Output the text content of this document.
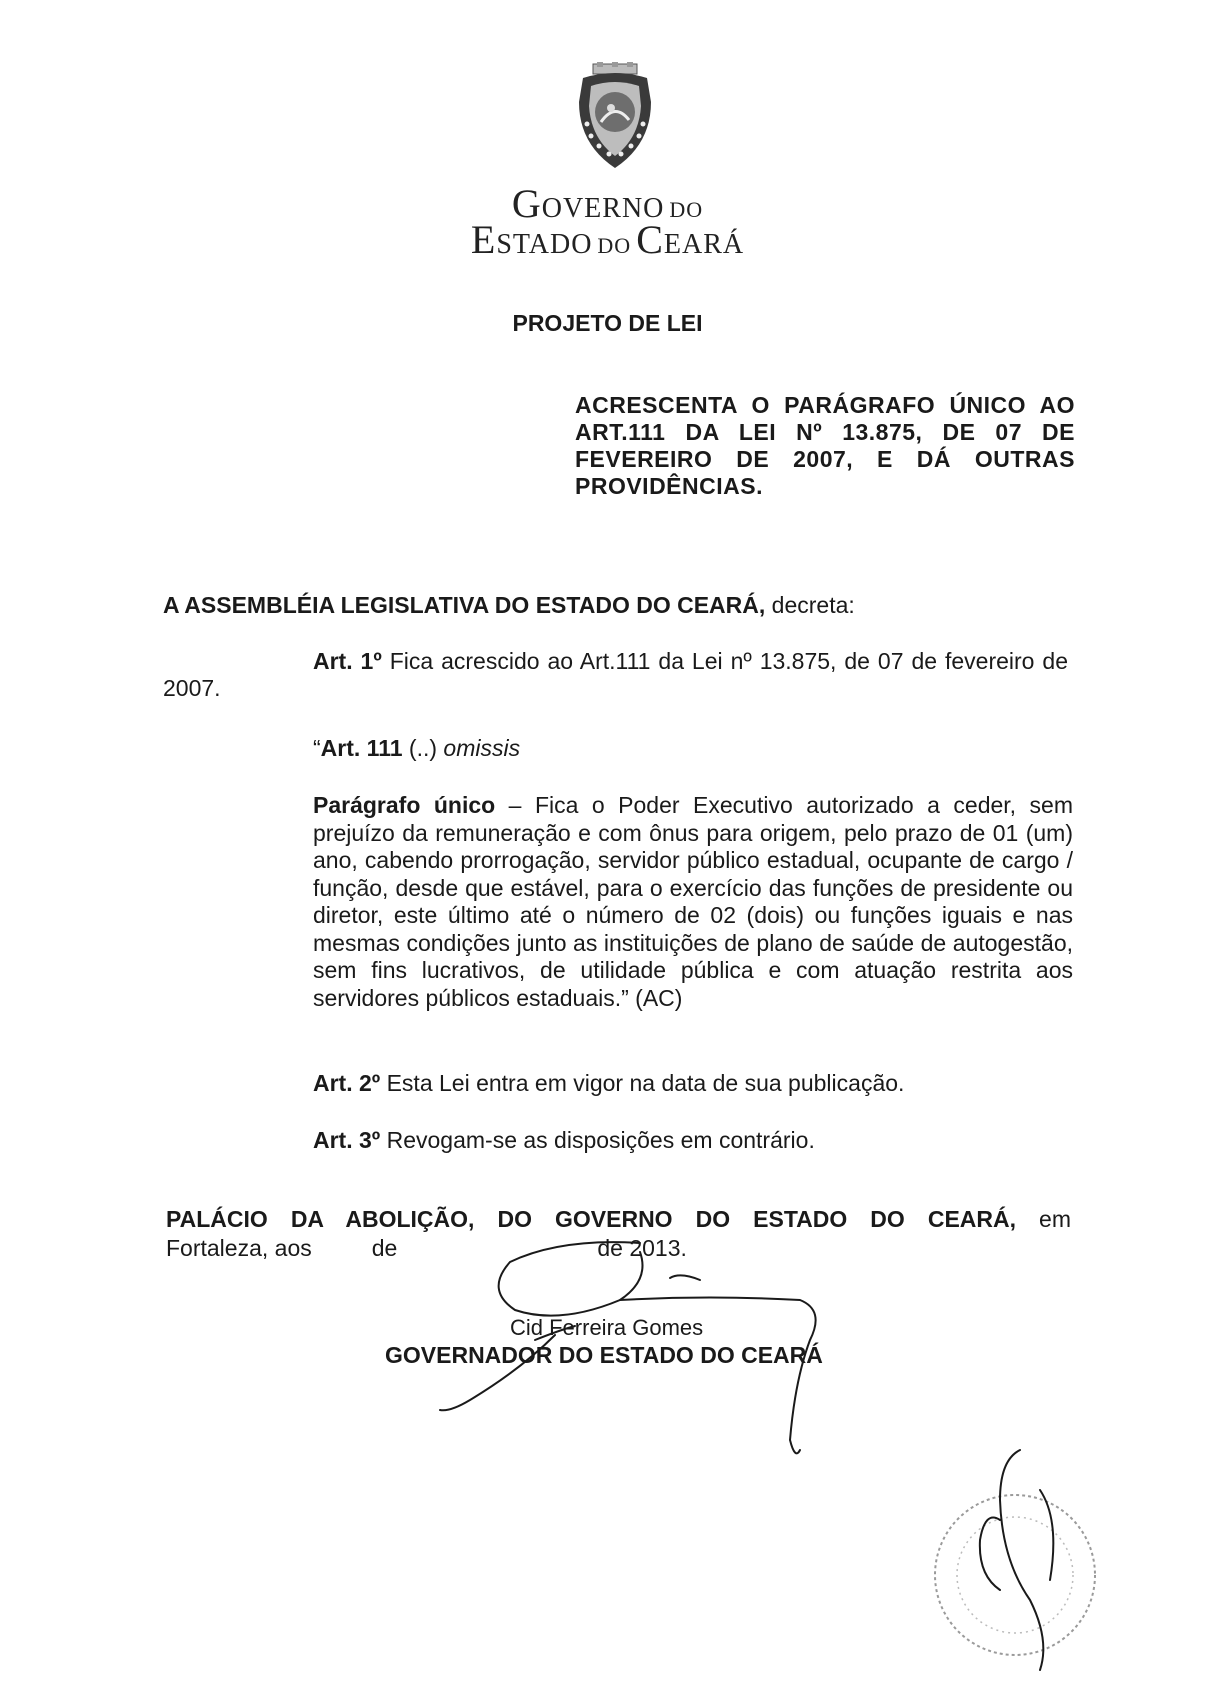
GOVERNO DO
ESTADO DO CEARÁ
PROJETO DE LEI
ACRESCENTA O PARÁGRAFO ÚNICO AO ART.111 DA LEI Nº 13.875, DE 07 DE FEVEREIRO DE 2007, E DÁ OUTRAS PROVIDÊNCIAS.
A ASSEMBLÉIA LEGISLATIVA DO ESTADO DO CEARÁ, decreta:
Art. 1º Fica acrescido ao Art.111 da Lei nº 13.875, de 07 de fevereiro de 2007.
“Art. 111 (..) omissis
Parágrafo único – Fica o Poder Executivo autorizado a ceder, sem prejuízo da remuneração e com ônus para origem, pelo prazo de 01 (um) ano, cabendo prorrogação, servidor público estadual, ocupante de cargo / função, desde que estável, para o exercício das funções de presidente ou diretor, este último até o número de 02 (dois) ou funções iguais e nas mesmas condições junto as instituições de plano de saúde de autogestão, sem fins lucrativos, de utilidade pública e com atuação restrita aos servidores públicos estaduais.” (AC)
Art. 2º Esta Lei entra em vigor na data de sua publicação.
Art. 3º Revogam-se as disposições em contrário.
PALÁCIO DA ABOLIÇÃO, DO GOVERNO DO ESTADO DO CEARÁ, em
Fortaleza, aos	de	de 2013.
Cid Ferreira Gomes
GOVERNADOR DO ESTADO DO CEARÁ
